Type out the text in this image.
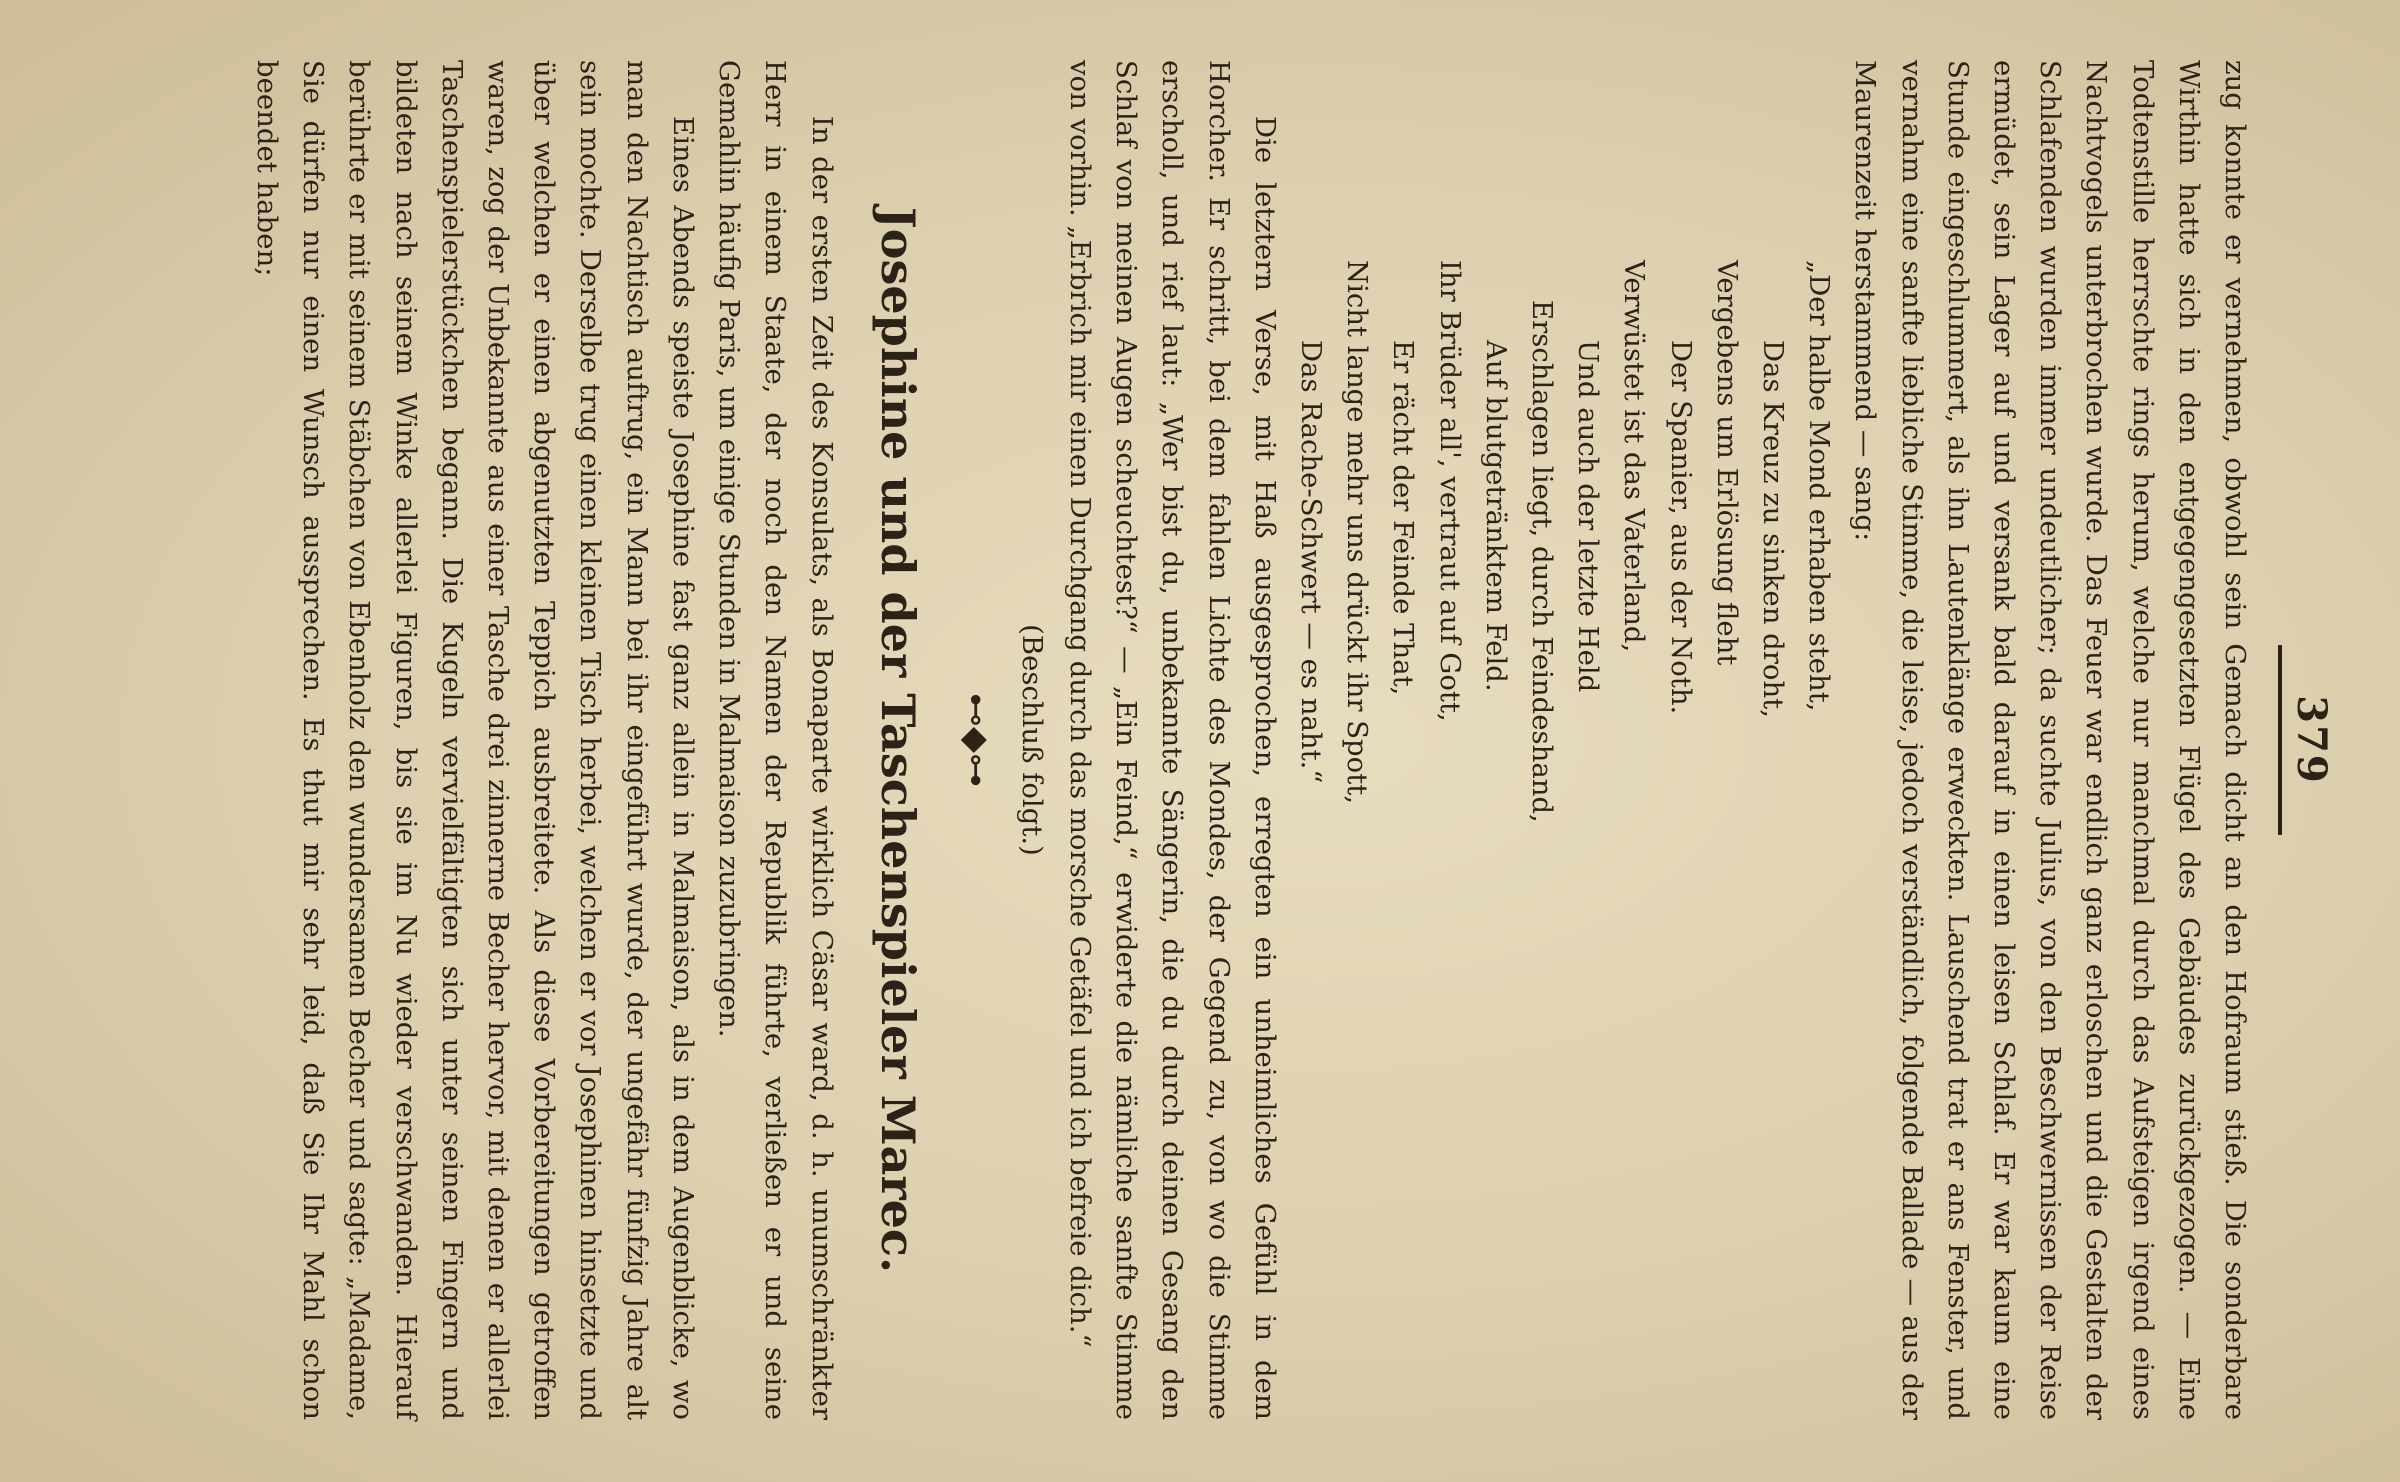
379

zug konnte er vernehmen, obwohl sein Gemach dicht an den Hofraum stieß. Die sonderbare Wirthin hatte sich in den entgegengesetzten Flügel des Gebäudes zurückgezogen. — Eine Todtenstille herrschte rings herum, welche nur manchmal durch das Aufsteigen irgend eines Nachtvogels unterbrochen wurde. Das Feuer war endlich ganz erloschen und die Gestalten der Schlafenden wurden immer undeutlicher; da suchte Julius, von den Beschwernissen der Reise ermüdet, sein Lager auf und versank bald darauf in einen leisen Schlaf. Er war kaum eine Stunde eingeschlummert, als ihn Lautenklänge erweckten. Lauschend trat er ans Fenster, und vernahm eine sanfte liebliche Stimme, die leise, jedoch verständlich, folgende Ballade — aus der Maurenzeit herstammend — sang:

„Der halbe Mond erhaben steht,
Das Kreuz zu sinken droht,
Vergebens um Erlösung fleht
Der Spanier, aus der Noth.
Verwüstet ist das Vaterland,
Und auch der letzte Held
Erschlagen liegt, durch Feindeshand,
Auf blutgetränktem Feld.
Ihr Brüder all', vertraut auf Gott,
Er rächt der Feinde That,
Nicht lange mehr uns drückt ihr Spott,
Das Rache-Schwert — es naht.“

Die letztern Verse, mit Haß ausgesprochen, erregten ein unheimliches Gefühl in dem Horcher. Er schritt, bei dem fahlen Lichte des Mondes, der Gegend zu, von wo die Stimme erscholl, und rief laut: „Wer bist du, unbekannte Sängerin, die du durch deinen Gesang den Schlaf von meinen Augen scheuchtest?“ — „Ein Feind,“ erwiderte die nämliche sanfte Stimme von vorhin. „Erbrich mir einen Durchgang durch das morsche Getäfel und ich befreie dich.“

(Beschluß folgt.)
⊷◆⊶
Josephine und der Taschenspieler Marec.

In der ersten Zeit des Konsulats, als Bonaparte wirklich Cäsar ward, d. h. unumschränkter Herr in einem Staate, der noch den Namen der Republik führte, verließen er und seine Gemahlin häufig Paris, um einige Stunden in Malmaison zuzubringen.

Eines Abends speiste Josephine fast ganz allein in Malmaison, als in dem Augenblicke, wo man den Nachtisch auftrug, ein Mann bei ihr eingeführt wurde, der ungefähr fünfzig Jahre alt sein mochte. Derselbe trug einen kleinen Tisch herbei, welchen er vor Josephinen hinsetzte und über welchen er einen abgenutzten Teppich ausbreitete. Als diese Vorbereitungen getroffen waren, zog der Unbekannte aus einer Tasche drei zinnerne Becher hervor, mit denen er allerlei Taschenspielerstückchen begann. Die Kugeln vervielfältigten sich unter seinen Fingern und bildeten nach seinem Winke allerlei Figuren, bis sie im Nu wieder verschwanden. Hierauf berührte er mit seinem Stäbchen von Ebenholz den wundersamen Becher und sagte: „Madame, Sie dürfen nur einen Wunsch aussprechen. Es thut mir sehr leid, daß Sie Ihr Mahl schon beendet haben;
